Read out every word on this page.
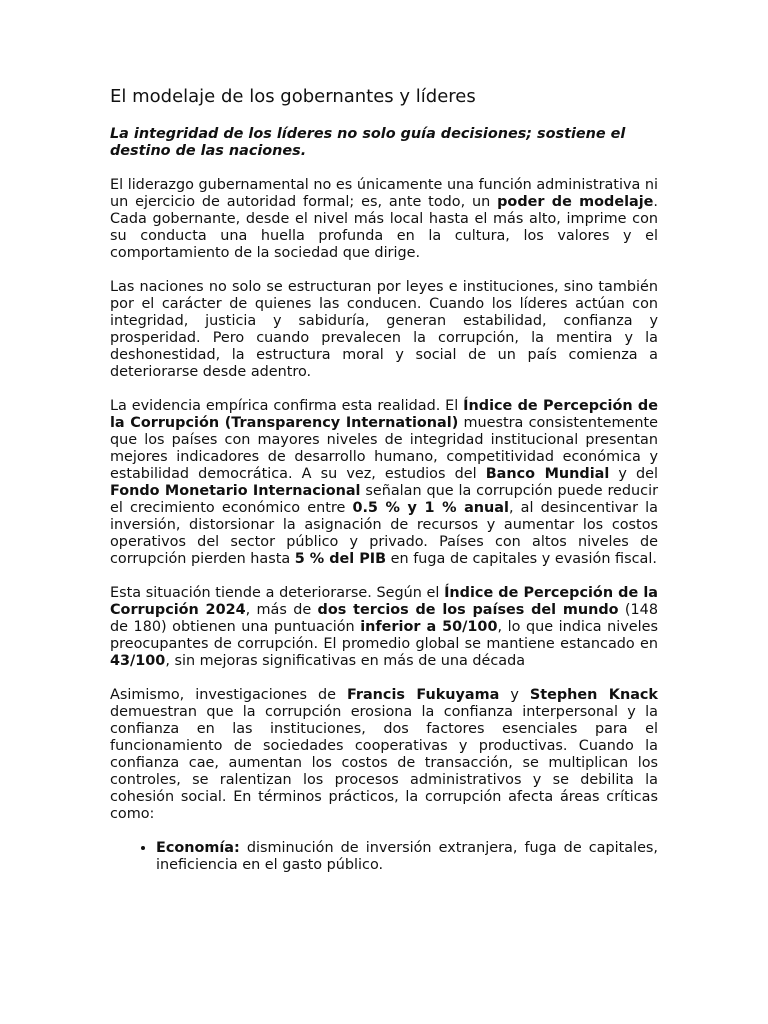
El modelaje de los gobernantes y líderes
La integridad de los líderes no solo guía decisiones; sostiene el destino de las naciones.

El liderazgo gubernamental no es únicamente una función administrativa ni un ejercicio de autoridad formal; es, ante todo, un poder de modelaje. Cada gobernante, desde el nivel más local hasta el más alto, imprime con su conducta una huella profunda en la cultura, los valores y el comportamiento de la sociedad que dirige.

Las naciones no solo se estructuran por leyes e instituciones, sino también por el carácter de quienes las conducen. Cuando los líderes actúan con integridad, justicia y sabiduría, generan estabilidad, confianza y prosperidad. Pero cuando prevalecen la corrupción, la mentira y la deshonestidad, la estructura moral y social de un país comienza a deteriorarse desde adentro.

La evidencia empírica confirma esta realidad. El Índice de Percepción de la Corrupción (Transparency International) muestra consistentemente que los países con mayores niveles de integridad institucional presentan mejores indicadores de desarrollo humano, competitividad económica y estabilidad democrática. A su vez, estudios del Banco Mundial y del Fondo Monetario Internacional señalan que la corrupción puede reducir el crecimiento económico entre 0.5 % y 1 % anual, al desincentivar la inversión, distorsionar la asignación de recursos y aumentar los costos operativos del sector público y privado. Países con altos niveles de corrupción pierden hasta 5 % del PIB en fuga de capitales y evasión fiscal.

Esta situación tiende a deteriorarse. Según el Índice de Percepción de la Corrupción 2024, más de dos tercios de los países del mundo (148 de 180) obtienen una puntuación inferior a 50/100, lo que indica niveles preocupantes de corrupción. El promedio global se mantiene estancado en 43/100, sin mejoras significativas en más de una década

Asimismo, investigaciones de Francis Fukuyama y Stephen Knack demuestran que la corrupción erosiona la confianza interpersonal y la confianza en las instituciones, dos factores esenciales para el funcionamiento de sociedades cooperativas y productivas. Cuando la confianza cae, aumentan los costos de transacción, se multiplican los controles, se ralentizan los procesos administrativos y se debilita la cohesión social. En términos prácticos, la corrupción afecta áreas críticas como:

• Economía: disminución de inversión extranjera, fuga de capitales, ineficiencia en el gasto público.
